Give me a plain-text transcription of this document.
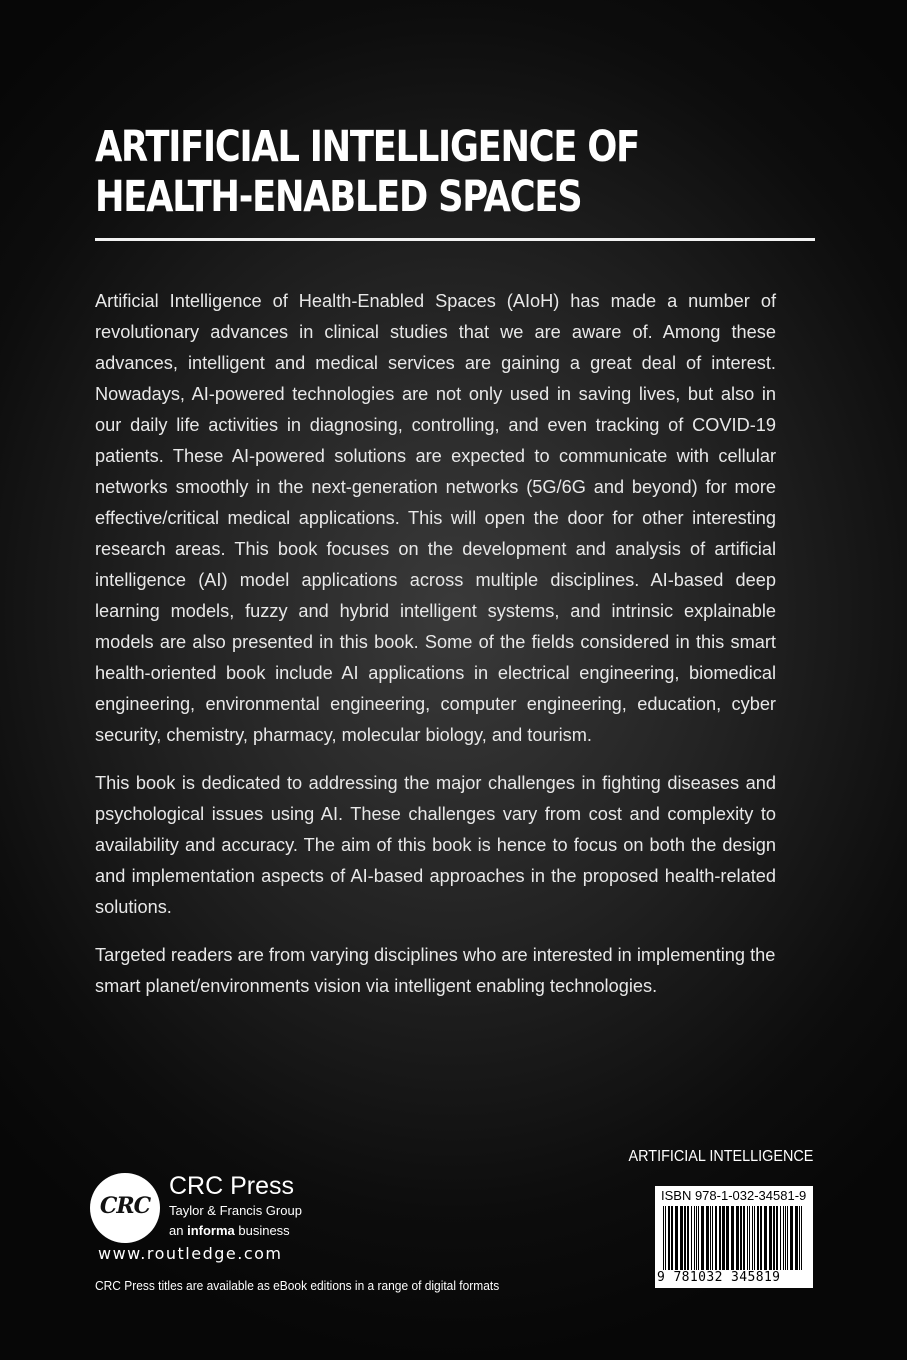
ARTIFICIAL INTELLIGENCE OF
HEALTH-ENABLED SPACES

Artificial Intelligence of Health-Enabled Spaces (AIoH) has made a number of revolutionary advances in clinical studies that we are aware of. Among these advances, intelligent and medical services are gaining a great deal of interest. Nowadays, AI-powered technologies are not only used in saving lives, but also in our daily life activities in diagnosing, controlling, and even tracking of COVID-19 patients. These AI-powered solutions are expected to communicate with cellular networks smoothly in the next-generation networks (5G/6G and beyond) for more effective/critical medical applications. This will open the door for other interesting research areas. This book focuses on the development and analysis of artificial intelligence (AI) model applications across multiple disciplines. AI-based deep learning models, fuzzy and hybrid intelligent systems, and intrinsic explainable models are also presented in this book. Some of the fields considered in this smart health-oriented book include AI applications in electrical engineering, biomedical engineering, environmental engineering, computer engineering, education, cyber security, chemistry, pharmacy, molecular biology, and tourism.

This book is dedicated to addressing the major challenges in fighting diseases and psychological issues using AI. These challenges vary from cost and complexity to availability and accuracy. The aim of this book is hence to focus on both the design and implementation aspects of AI-based approaches in the proposed health-related solutions.

Targeted readers are from varying disciplines who are interested in implementing the smart planet/environments vision via intelligent enabling technologies.

ARTIFICIAL INTELLIGENCE
CRC
CRC Press
Taylor & Francis Group
an informa business
www.routledge.com
CRC Press titles are available as eBook editions in a range of digital formats
ISBN 978-1-032-34581-9
9 781032 345819
